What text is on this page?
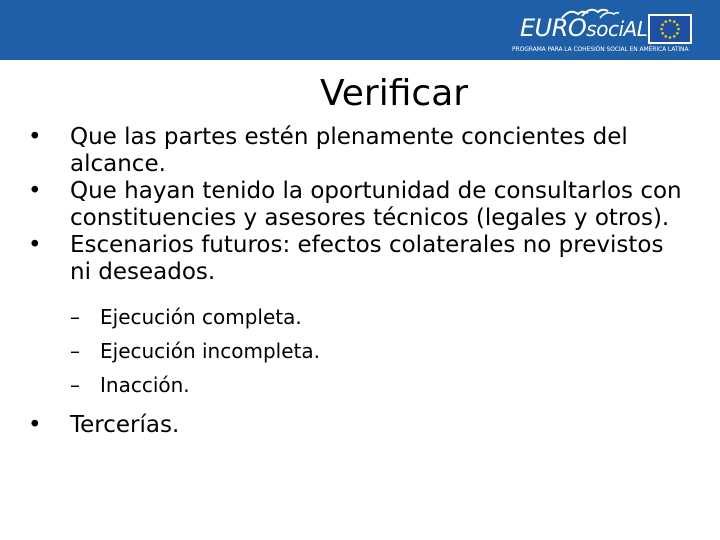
EUROsociAL
PROGRAMA PARA LA COHESIÓN SOCIAL EN AMÉRICA LATINA
Verificar
• Que las partes estén plenamente concientes del alcance.
• Que hayan tenido la oportunidad de consultarlos con constituencies y asesores técnicos (legales y otros).
• Escenarios futuros: efectos colaterales no previstos ni deseados.
– Ejecución completa.
– Ejecución incompleta.
– Inacción.
• Tercerías.
